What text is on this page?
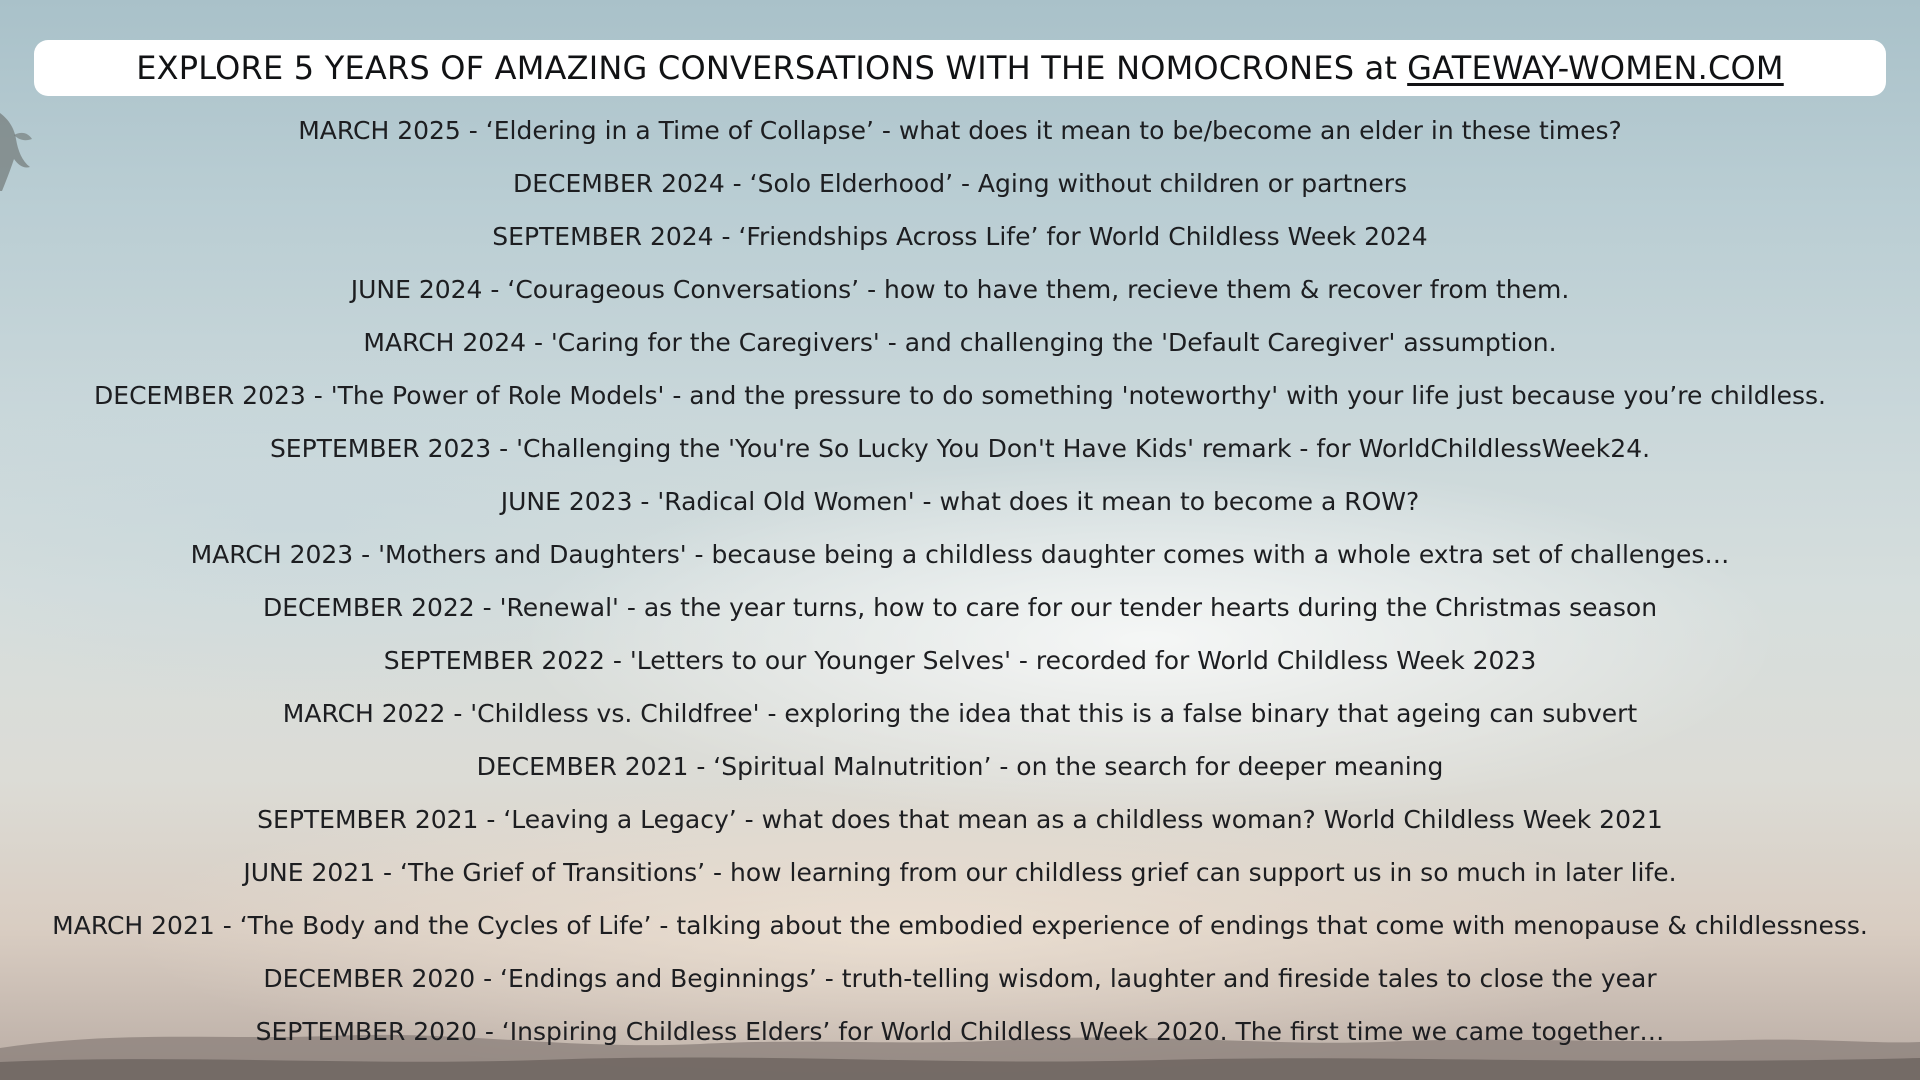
EXPLORE 5 YEARS OF AMAZING CONVERSATIONS WITH THE NOMOCRONES at GATEWAY-WOMEN.COM
MARCH 2025 - ‘Eldering in a Time of Collapse’ - what does it mean to be/become an elder in these times?
DECEMBER 2024 - ‘Solo Elderhood’ - Aging without children or partners
SEPTEMBER 2024 - ‘Friendships Across Life’ for World Childless Week 2024
JUNE 2024 - ‘Courageous Conversations’ - how to have them, recieve them & recover from them.
MARCH 2024 - 'Caring for the Caregivers' - and challenging the 'Default Caregiver' assumption.
DECEMBER 2023 - 'The Power of Role Models' - and the pressure to do something 'noteworthy' with your life just because you’re childless.
SEPTEMBER 2023 - 'Challenging the 'You're So Lucky You Don't Have Kids' remark - for WorldChildlessWeek24.
JUNE 2023 - 'Radical Old Women' - what does it mean to become a ROW?
MARCH 2023 - 'Mothers and Daughters' - because being a childless daughter comes with a whole extra set of challenges…
DECEMBER 2022 - 'Renewal' - as the year turns, how to care for our tender hearts during the Christmas season
SEPTEMBER 2022 - 'Letters to our Younger Selves' - recorded for World Childless Week 2023
MARCH 2022 - 'Childless vs. Childfree' - exploring the idea that this is a false binary that ageing can subvert
DECEMBER 2021 - ‘Spiritual Malnutrition’ - on the search for deeper meaning
SEPTEMBER 2021 - ‘Leaving a Legacy’ - what does that mean as a childless woman? World Childless Week 2021
JUNE 2021 - ‘The Grief of Transitions’ - how learning from our childless grief can support us in so much in later life.
MARCH 2021 - ‘The Body and the Cycles of Life’ - talking about the embodied experience of endings that come with menopause & childlessness.
DECEMBER 2020 - ‘Endings and Beginnings’ - truth-telling wisdom, laughter and fireside tales to close the year
SEPTEMBER 2020 - ‘Inspiring Childless Elders’ for World Childless Week 2020. The first time we came together…
